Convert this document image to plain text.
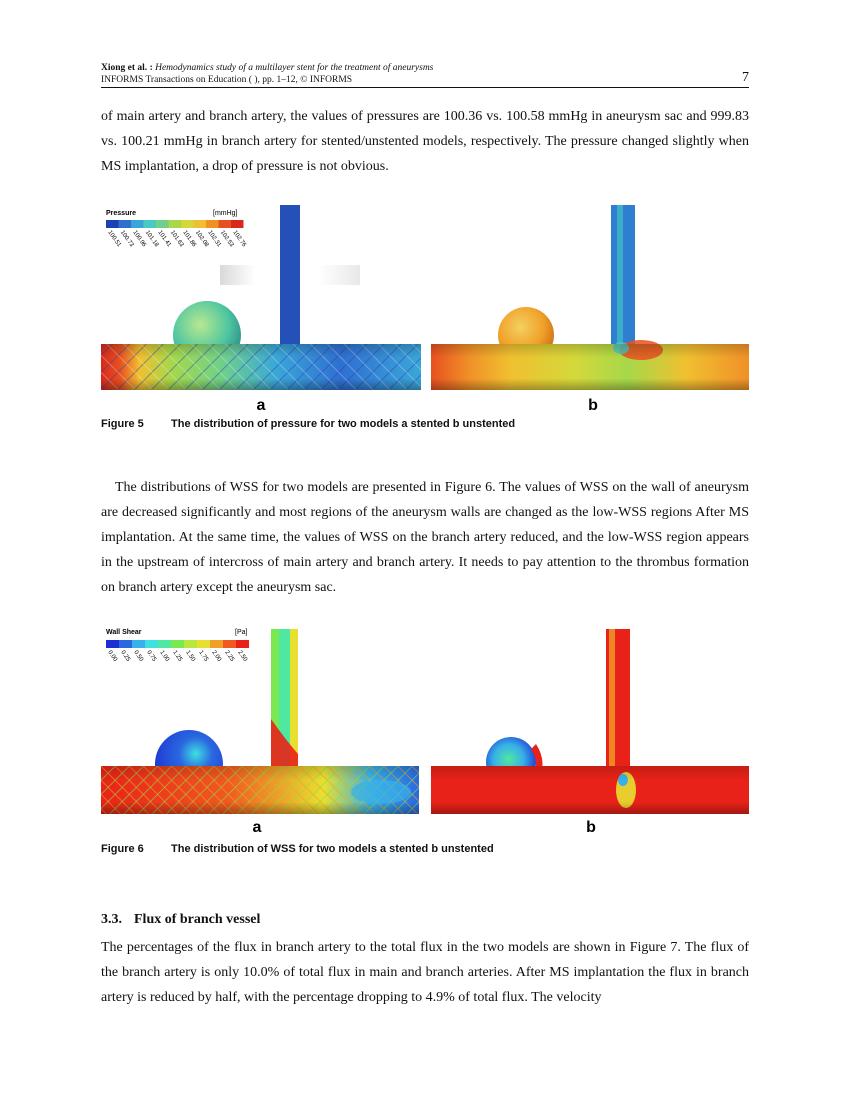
Xiong et al. : Hemodynamics study of a multilayer stent for the treatment of aneurysms
INFORMS Transactions on Education ( ), pp. 1–12, © INFORMS	7
of main artery and branch artery, the values of pressures are 100.36 vs. 100.58 mmHg in aneurysm sac and 999.83 vs. 100.21 mmHg in branch artery for stented/unstented models, respectively. The pressure changed slightly when MS implantation, a drop of pressure is not obvious.
Pressure	[mmHg]
100.51
100.73
100.96
101.18
101.41
101.63
101.86
102.08
102.31
102.53
102.76
a	b
Figure 5 The distribution of pressure for two models a stented b unstented
The distributions of WSS for two models are presented in Figure 6. The values of WSS on the wall of aneurysm are decreased significantly and most regions of the aneurysm walls are changed as the low-WSS regions After MS implantation. At the same time, the values of WSS on the branch artery reduced, and the low-WSS region appears in the upstream of intercross of main artery and branch artery. It needs to pay attention to the thrombus formation on branch artery except the aneurysm sac.
Wall Shear	[Pa]
0.00 0.25 0.50 0.75 1.00 1.25 1.50 1.75 2.00 2.25 2.50
a	b
Figure 6 The distribution of WSS for two models a stented b unstented
3.3. Flux of branch vessel
The percentages of the flux in branch artery to the total flux in the two models are shown in Figure 7. The flux of the branch artery is only 10.0% of total flux in main and branch arteries. After MS implantation the flux in branch artery is reduced by half, with the percentage dropping to 4.9% of total flux. The velocity
